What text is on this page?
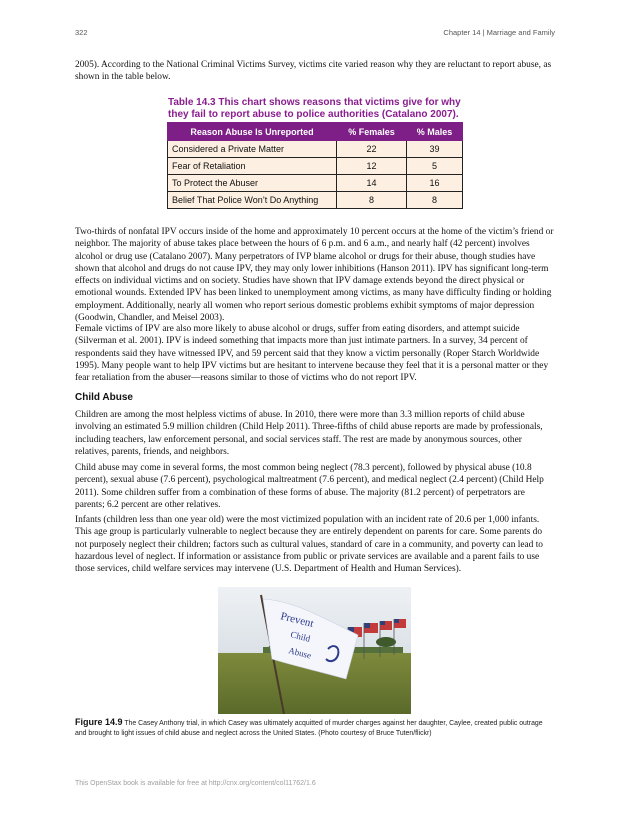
322	Chapter 14 | Marriage and Family

2005). According to the National Criminal Victims Survey, victims cite varied reason why they are reluctant to report abuse, as shown in the table below.

Table 14.3 This chart shows reasons that victims give for why they fail to report abuse to police authorities (Catalano 2007).

Reason Abuse Is Unreported	% Females	% Males
Considered a Private Matter	22	39
Fear of Retaliation	12	5
To Protect the Abuser	14	16
Belief That Police Won’t Do Anything	8	8

Two-thirds of nonfatal IPV occurs inside of the home and approximately 10 percent occurs at the home of the victim’s friend or neighbor. The majority of abuse takes place between the hours of 6 p.m. and 6 a.m., and nearly half (42 percent) involves alcohol or drug use (Catalano 2007). Many perpetrators of IVP blame alcohol or drugs for their abuse, though studies have shown that alcohol and drugs do not cause IPV, they may only lower inhibitions (Hanson 2011). IPV has significant long-term effects on individual victims and on society. Studies have shown that IPV damage extends beyond the direct physical or emotional wounds. Extended IPV has been linked to unemployment among victims, as many have difficulty finding or holding employment. Additionally, nearly all women who report serious domestic problems exhibit symptoms of major depression (Goodwin, Chandler, and Meisel 2003).

Female victims of IPV are also more likely to abuse alcohol or drugs, suffer from eating disorders, and attempt suicide (Silverman et al. 2001). IPV is indeed something that impacts more than just intimate partners. In a survey, 34 percent of respondents said they have witnessed IPV, and 59 percent said that they know a victim personally (Roper Starch Worldwide 1995). Many people want to help IPV victims but are hesitant to intervene because they feel that it is a personal matter or they fear retaliation from the abuser—reasons similar to those of victims who do not report IPV.

Child Abuse

Children are among the most helpless victims of abuse. In 2010, there were more than 3.3 million reports of child abuse involving an estimated 5.9 million children (Child Help 2011). Three-fifths of child abuse reports are made by professionals, including teachers, law enforcement personal, and social services staff. The rest are made by anonymous sources, other relatives, parents, friends, and neighbors.

Child abuse may come in several forms, the most common being neglect (78.3 percent), followed by physical abuse (10.8 percent), sexual abuse (7.6 percent), psychological maltreatment (7.6 percent), and medical neglect (2.4 percent) (Child Help 2011). Some children suffer from a combination of these forms of abuse. The majority (81.2 percent) of perpetrators are parents; 6.2 percent are other relatives.

Infants (children less than one year old) were the most victimized population with an incident rate of 20.6 per 1,000 infants. This age group is particularly vulnerable to neglect because they are entirely dependent on parents for care. Some parents do not purposely neglect their children; factors such as cultural values, standard of care in a community, and poverty can lead to hazardous level of neglect. If information or assistance from public or private services are available and a parent fails to use those services, child welfare services may intervene (U.S. Department of Health and Human Services).

Prevent
Child
Abuse

Figure 14.9 The Casey Anthony trial, in which Casey was ultimately acquitted of murder charges against her daughter, Caylee, created public outrage and brought to light issues of child abuse and neglect across the United States. (Photo courtesy of Bruce Tuten/flickr)

This OpenStax book is available for free at http://cnx.org/content/col11762/1.6
